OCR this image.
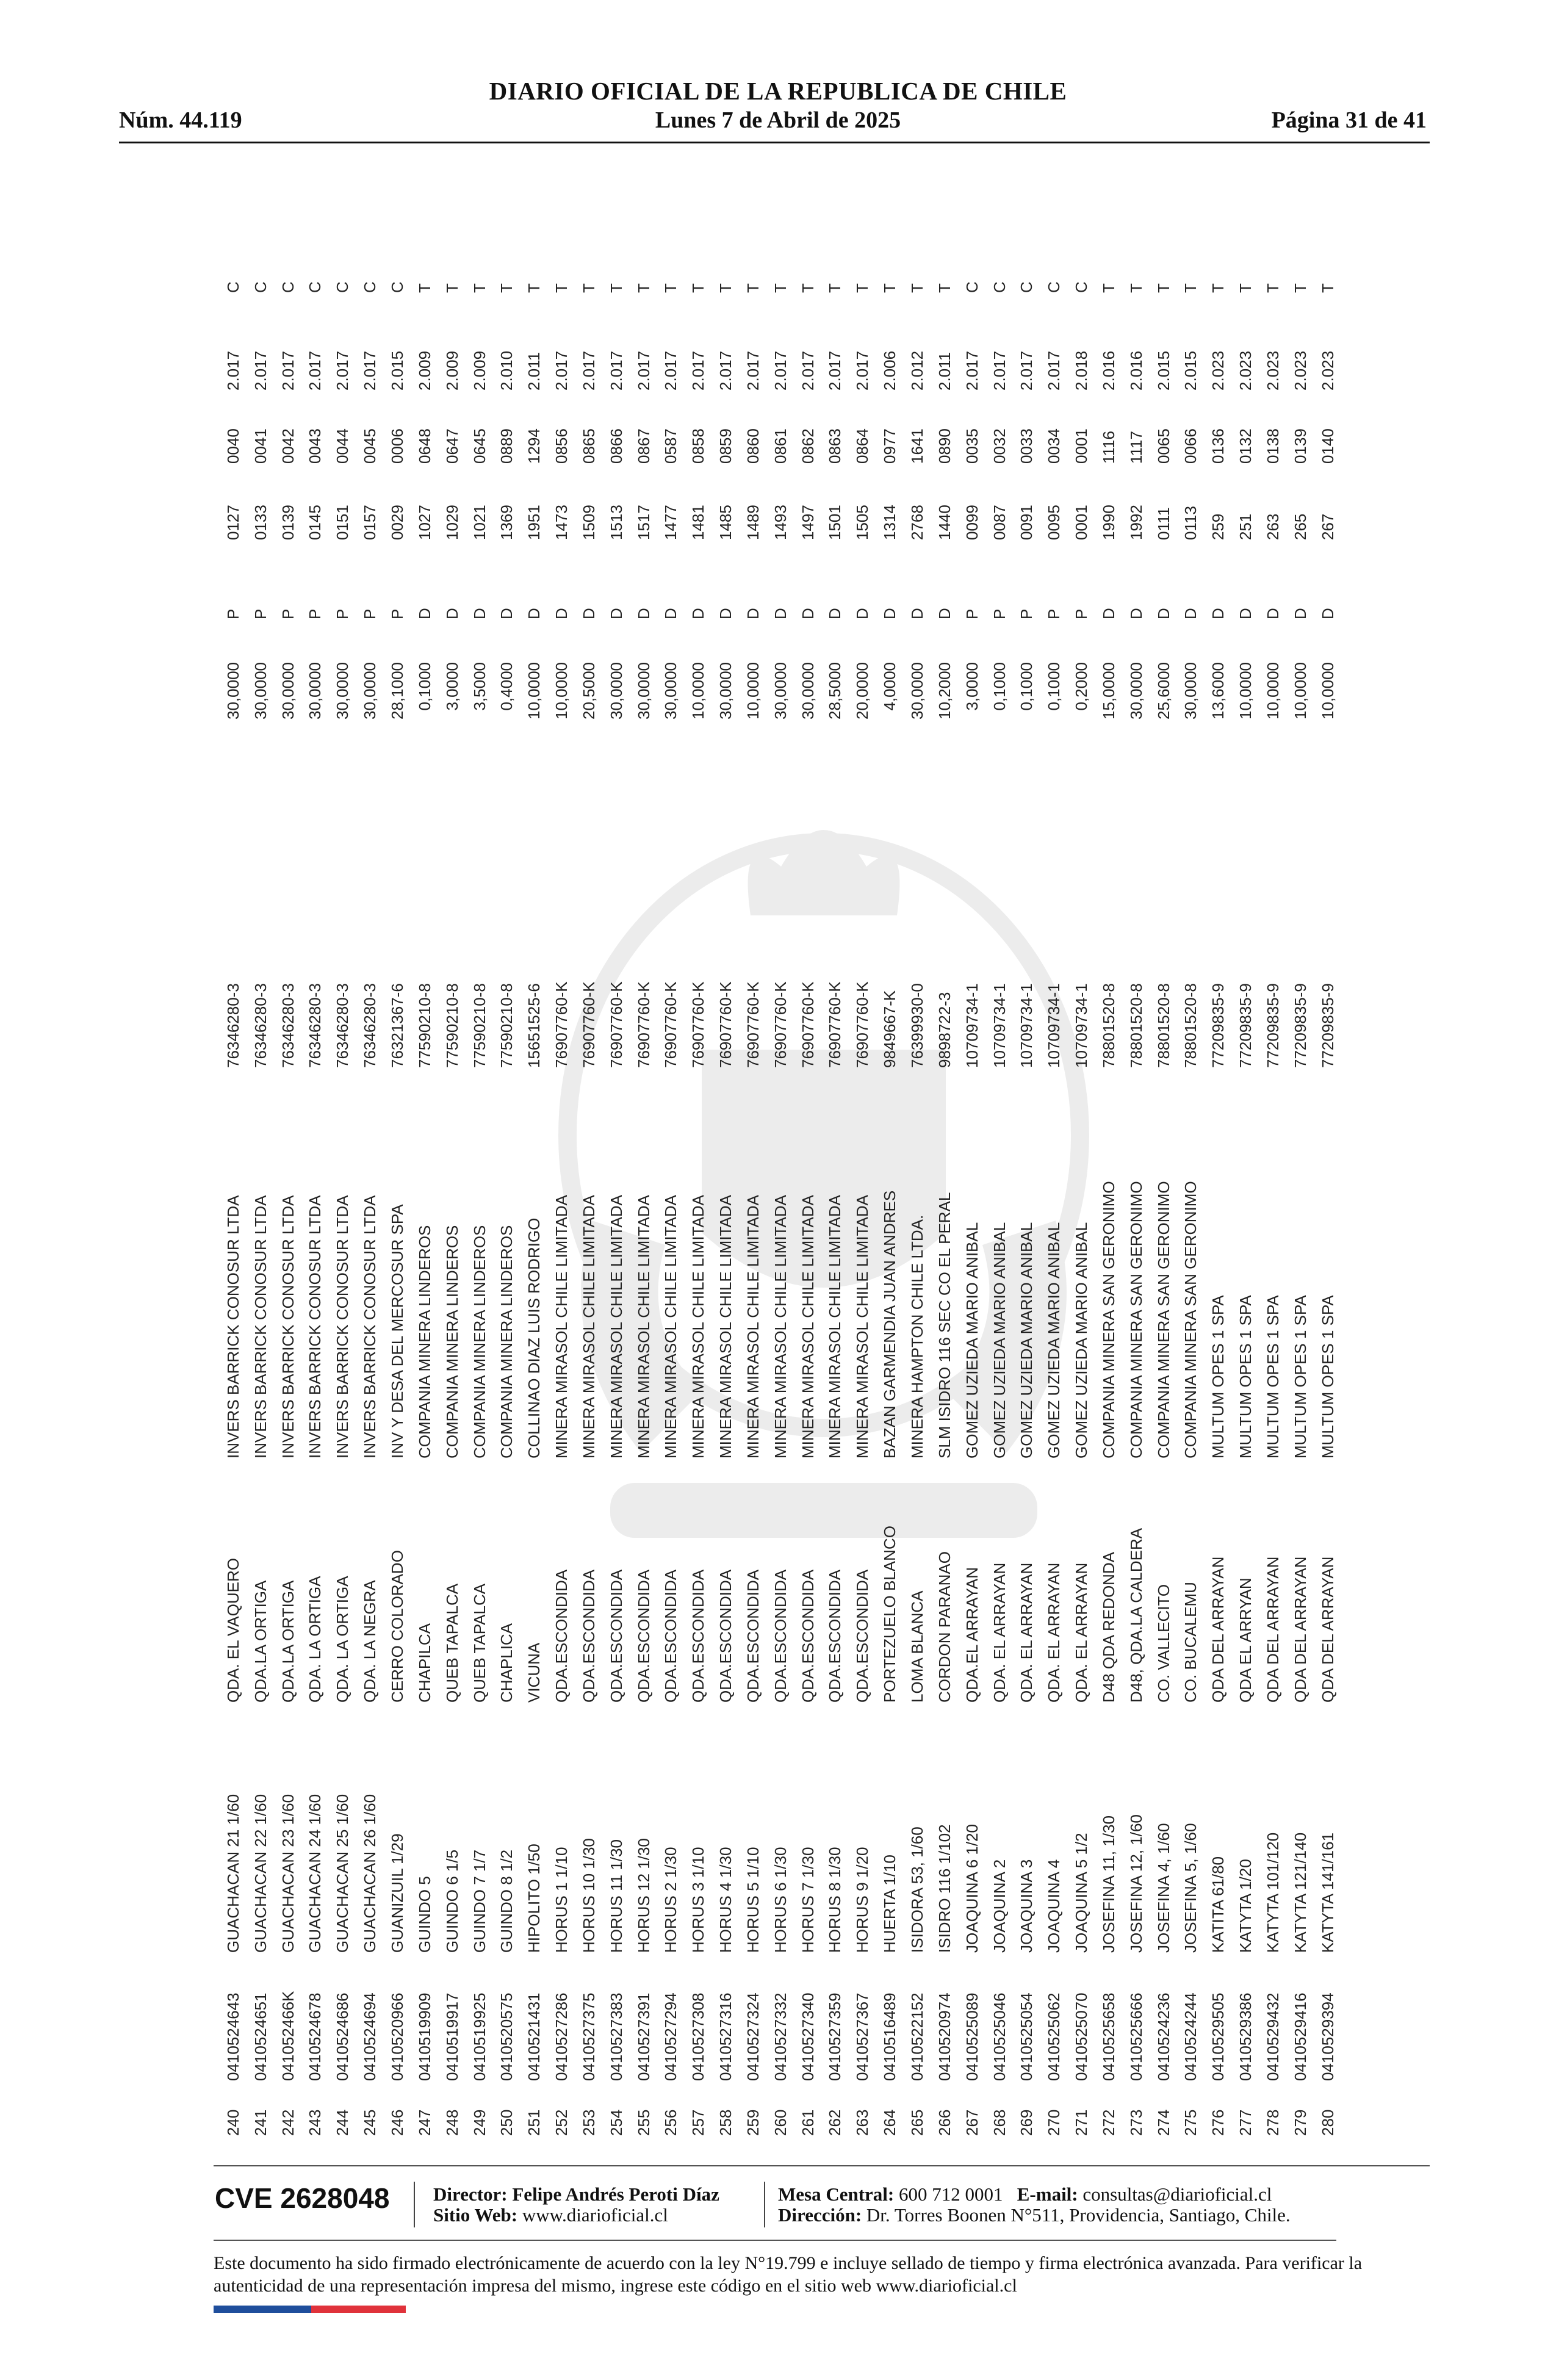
DIARIO OFICIAL DE LA REPUBLICA DE CHILE
Núm. 44.119	Lunes 7 de Abril de 2025	Página 31 de 41
240
0410524643
GUACHACAN 21 1/60
QDA. EL VAQUERO
INVERS BARRICK CONOSUR LTDA
76346280-3
30,0000
P
0127
0040
2.017
C
241
0410524651
GUACHACAN 22 1/60
QDA.LA ORTIGA
INVERS BARRICK CONOSUR LTDA
76346280-3
30,0000
P
0133
0041
2.017
C
242
041052466K
GUACHACAN 23 1/60
QDA.LA ORTIGA
INVERS BARRICK CONOSUR LTDA
76346280-3
30,0000
P
0139
0042
2.017
C
243
0410524678
GUACHACAN 24 1/60
QDA. LA ORTIGA
INVERS BARRICK CONOSUR LTDA
76346280-3
30,0000
P
0145
0043
2.017
C
244
0410524686
GUACHACAN 25 1/60
QDA. LA ORTIGA
INVERS BARRICK CONOSUR LTDA
76346280-3
30,0000
P
0151
0044
2.017
C
245
0410524694
GUACHACAN 26 1/60
QDA. LA NEGRA
INVERS BARRICK CONOSUR LTDA
76346280-3
30,0000
P
0157
0045
2.017
C
246
0410520966
GUANIZUIL 1/29
CERRO COLORADO
INV Y DESA DEL MERCOSUR SPA
76321367-6
28,1000
P
0029
0006
2.015
C
247
0410519909
GUINDO 5
CHAPILCA
COMPANIA MINERA LINDEROS
77590210-8
0,1000
D
1027
0648
2.009
T
248
0410519917
GUINDO 6 1/5
QUEB TAPALCA
COMPANIA MINERA LINDEROS
77590210-8
3,0000
D
1029
0647
2.009
T
249
0410519925
GUINDO 7 1/7
QUEB TAPALCA
COMPANIA MINERA LINDEROS
77590210-8
3,5000
D
1021
0645
2.009
T
250
0410520575
GUINDO 8 1/2
CHAPLICA
COMPANIA MINERA LINDEROS
77590210-8
0,4000
D
1369
0889
2.010
T
251
0410521431
HIPOLITO 1/50
VICUNA
COLLINAO DIAZ LUIS RODRIGO
15651525-6
10,0000
D
1951
1294
2.011
T
252
0410527286
HORUS 1 1/10
QDA.ESCONDIDA
MINERA MIRASOL CHILE LIMITADA
76907760-K
10,0000
D
1473
0856
2.017
T
253
0410527375
HORUS 10 1/30
QDA.ESCONDIDA
MINERA MIRASOL CHILE LIMITADA
76907760-K
20,5000
D
1509
0865
2.017
T
254
0410527383
HORUS 11 1/30
QDA.ESCONDIDA
MINERA MIRASOL CHILE LIMITADA
76907760-K
30,0000
D
1513
0866
2.017
T
255
0410527391
HORUS 12 1/30
QDA.ESCONDIDA
MINERA MIRASOL CHILE LIMITADA
76907760-K
30,0000
D
1517
0867
2.017
T
256
0410527294
HORUS 2 1/30
QDA.ESCONDIDA
MINERA MIRASOL CHILE LIMITADA
76907760-K
30,0000
D
1477
0587
2.017
T
257
0410527308
HORUS 3 1/10
QDA.ESCONDIDA
MINERA MIRASOL CHILE LIMITADA
76907760-K
10,0000
D
1481
0858
2.017
T
258
0410527316
HORUS 4 1/30
QDA.ESCONDIDA
MINERA MIRASOL CHILE LIMITADA
76907760-K
30,0000
D
1485
0859
2.017
T
259
0410527324
HORUS 5 1/10
QDA.ESCONDIDA
MINERA MIRASOL CHILE LIMITADA
76907760-K
10,0000
D
1489
0860
2.017
T
260
0410527332
HORUS 6 1/30
QDA.ESCONDIDA
MINERA MIRASOL CHILE LIMITADA
76907760-K
30,0000
D
1493
0861
2.017
T
261
0410527340
HORUS 7 1/30
QDA.ESCONDIDA
MINERA MIRASOL CHILE LIMITADA
76907760-K
30,0000
D
1497
0862
2.017
T
262
0410527359
HORUS 8 1/30
QDA.ESCONDIDA
MINERA MIRASOL CHILE LIMITADA
76907760-K
28,5000
D
1501
0863
2.017
T
263
0410527367
HORUS 9 1/20
QDA.ESCONDIDA
MINERA MIRASOL CHILE LIMITADA
76907760-K
20,0000
D
1505
0864
2.017
T
264
0410516489
HUERTA 1/10
PORTEZUELO BLANCO
BAZAN GARMENDIA JUAN ANDRES
9849667-K
4,0000
D
1314
0977
2.006
T
265
0410522152
ISIDORA 53, 1/60
LOMA BLANCA
MINERA HAMPTON CHILE LTDA.
76399930-0
30,0000
D
2768
1641
2.012
T
266
0410520974
ISIDRO 116 1/102
CORDON PARANAO
SLM ISIDRO 116 SEC CO EL PERAL
9898722-3
10,2000
D
1440
0890
2.011
T
267
0410525089
JOAQUINA 6 1/20
QDA.EL ARRAYAN
GOMEZ UZIEDA MARIO ANIBAL
10709734-1
3,0000
P
0099
0035
2.017
C
268
0410525046
JOAQUINA 2
QDA. EL ARRAYAN
GOMEZ UZIEDA MARIO ANIBAL
10709734-1
0,1000
P
0087
0032
2.017
C
269
0410525054
JOAQUINA 3
QDA. EL ARRAYAN
GOMEZ UZIEDA MARIO ANIBAL
10709734-1
0,1000
P
0091
0033
2.017
C
270
0410525062
JOAQUINA 4
QDA. EL ARRAYAN
GOMEZ UZIEDA MARIO ANIBAL
10709734-1
0,1000
P
0095
0034
2.017
C
271
0410525070
JOAQUINA 5 1/2
QDA. EL ARRAYAN
GOMEZ UZIEDA MARIO ANIBAL
10709734-1
0,2000
P
0001
0001
2.018
C
272
0410525658
JOSEFINA 11, 1/30
D48 QDA REDONDA
COMPANIA MINERA SAN GERONIMO
78801520-8
15,0000
D
1990
1116
2.016
T
273
0410525666
JOSEFINA 12, 1/60
D48, QDA.LA CALDERA
COMPANIA MINERA SAN GERONIMO
78801520-8
30,0000
D
1992
1117
2.016
T
274
0410524236
JOSEFINA 4, 1/60
CO. VALLECITO
COMPANIA MINERA SAN GERONIMO
78801520-8
25,6000
D
0111
0065
2.015
T
275
0410524244
JOSEFINA 5, 1/60
CO. BUCALEMU
COMPANIA MINERA SAN GERONIMO
78801520-8
30,0000
D
0113
0066
2.015
T
276
0410529505
KATITA 61/80
QDA DEL ARRAYAN
MULTUM OPES 1 SPA
77209835-9
13,6000
D
259
0136
2.023
T
277
0410529386
KATYTA 1/20
QDA EL ARRYAN
MULTUM OPES 1 SPA
77209835-9
10,0000
D
251
0132
2.023
T
278
0410529432
KATYTA 101/120
QDA DEL ARRAYAN
MULTUM OPES 1 SPA
77209835-9
10,0000
D
263
0138
2.023
T
279
0410529416
KATYTA 121/140
QDA DEL ARRAYAN
MULTUM OPES 1 SPA
77209835-9
10,0000
D
265
0139
2.023
T
280
0410529394
KATYTA 141/161
QDA DEL ARRAYAN
MULTUM OPES 1 SPA
77209835-9
10,0000
D
267
0140
2.023
T
CVE 2628048 Director: Felipe Andrés Peroti Díaz
Sitio Web: www.diarioficial.cl
Mesa Central: 600 712 0001 E-mail: consultas@diarioficial.cl
Dirección: Dr. Torres Boonen N°511, Providencia, Santiago, Chile.
Este documento ha sido firmado electrónicamente de acuerdo con la ley N°19.799 e incluye sellado de tiempo y firma electrónica avanzada. Para verificar la autenticidad de una representación impresa del mismo, ingrese este código en el sitio web www.diarioficial.cl
